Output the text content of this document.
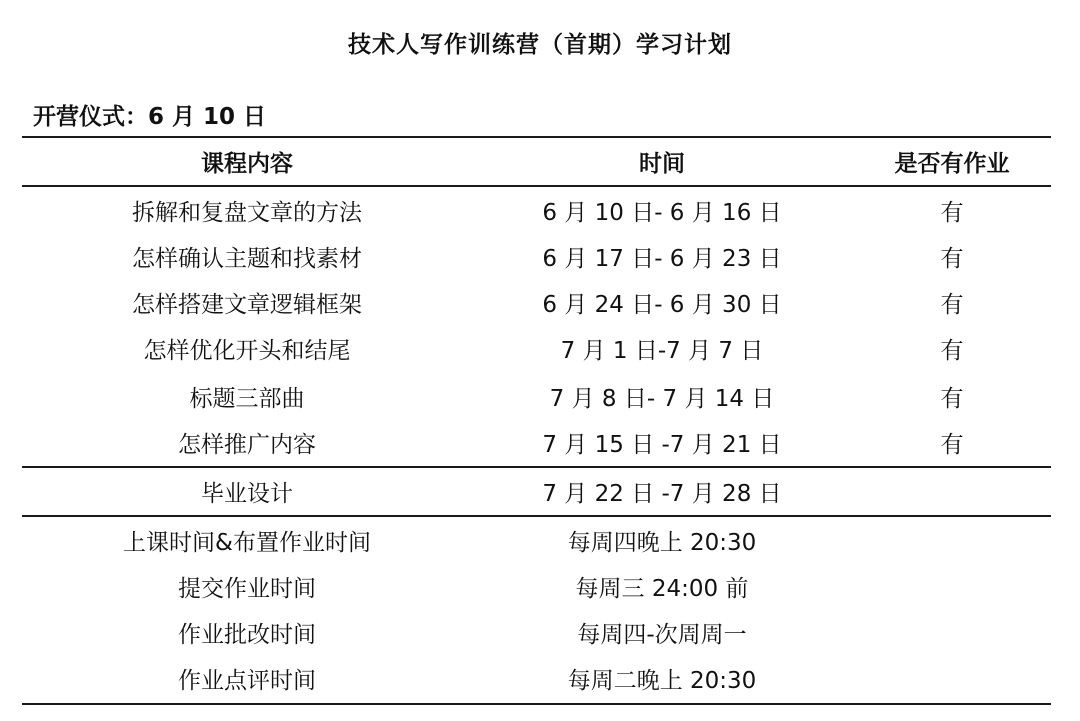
技术人写作训练营（首期）学习计划
开营仪式：6 月 10 日
课程内容	时间	是否有作业
拆解和复盘文章的方法	6 月 10 日- 6 月 16 日	有
怎样确认主题和找素材	6 月 17 日- 6 月 23 日	有
怎样搭建文章逻辑框架	6 月 24 日- 6 月 30 日	有
怎样优化开头和结尾	7 月 1 日-7 月 7 日	有
标题三部曲	7 月 8 日- 7 月 14 日	有
怎样推广内容	7 月 15 日 -7 月 21 日	有
毕业设计	7 月 22 日 -7 月 28 日
上课时间&布置作业时间	每周四晚上 20:30
提交作业时间	每周三 24:00 前
作业批改时间	每周四-次周周一
作业点评时间	每周二晚上 20:30
